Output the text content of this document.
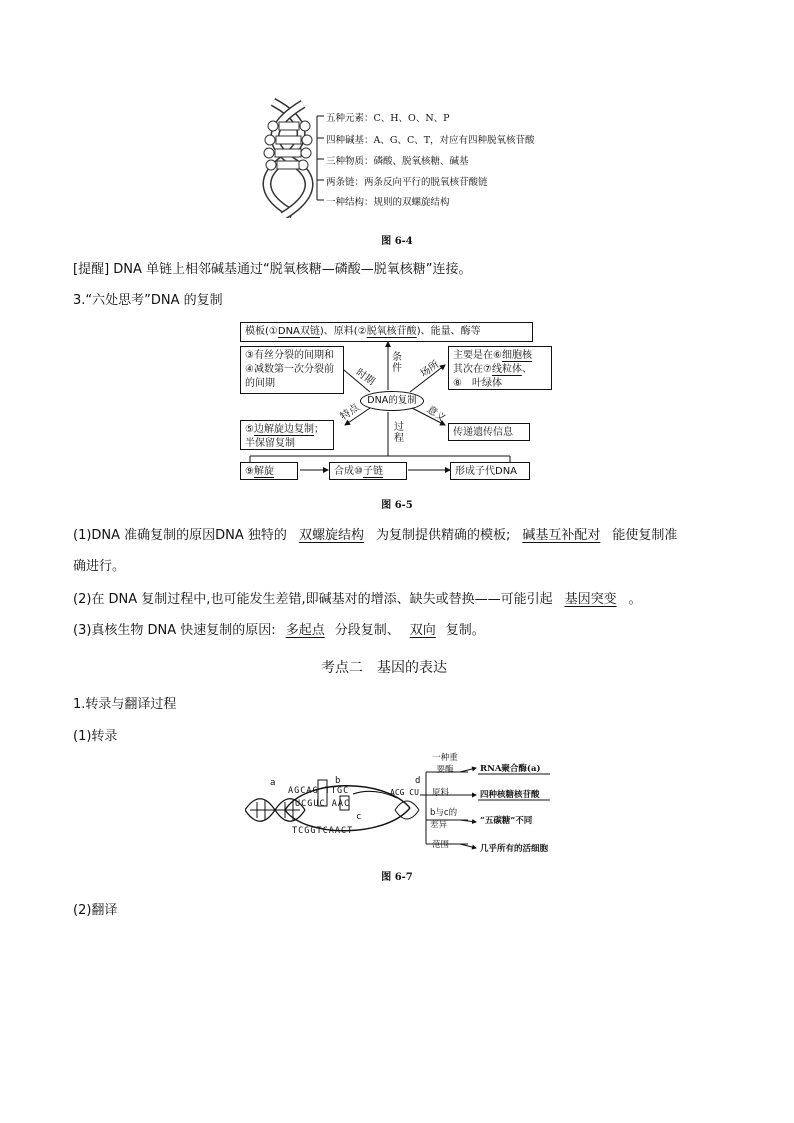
五种元素：C、H、O、N、P
四种碱基：A、G、C、T，对应有四种脱氧核苷酸
三种物质：磷酸、脱氧核糖、碱基
两条链：两条反向平行的脱氧核苷酸链
一种结构：规则的双螺旋结构
图 6-4
[提醒] DNA 单链上相邻碱基通过“脱氧核糖—磷酸—脱氧核糖”连接。
3.“六处思考”DNA 的复制
模板(①DNA双链)、原料(②脱氧核苷酸)、能量、酶等
③有丝分裂的间期和④减数第一次分裂前的间期
主要是在⑥细胞核
其次在⑦线粒体、
⑧ 叶绿体
DNA的复制
条件 场所
时期
特点	意义
过程
⑤边解旋边复制；
半保留复制
传递遗传信息
⑨解旋	合成⑩子链	形成子代DNA
图 6-5
(1)DNA 准确复制的原因DNA 独特的 双螺旋结构 为复制提供精确的模板; 碱基互补配对 能使复制准
确进行。
(2)在 DNA 复制过程中,也可能发生差错,即碱基对的增添、缺失或替换——可能引起 基因突变 。
(3)真核生物 DNA 快速复制的原因: 多起点 分段复制、 双向 复制。
考点二　基因的表达
1.转录与翻译过程
(1)转录
a	b
c
d
AGCAG TTGC
UCGUC AAC
ACG CU
TCGGTCAACT
一种重要酶
原料
b与c的差异
范围
RNA聚合酶(a)
四种核糖核苷酸
“五碳糖”不同
几乎所有的活细胞
图 6-7
(2)翻译
